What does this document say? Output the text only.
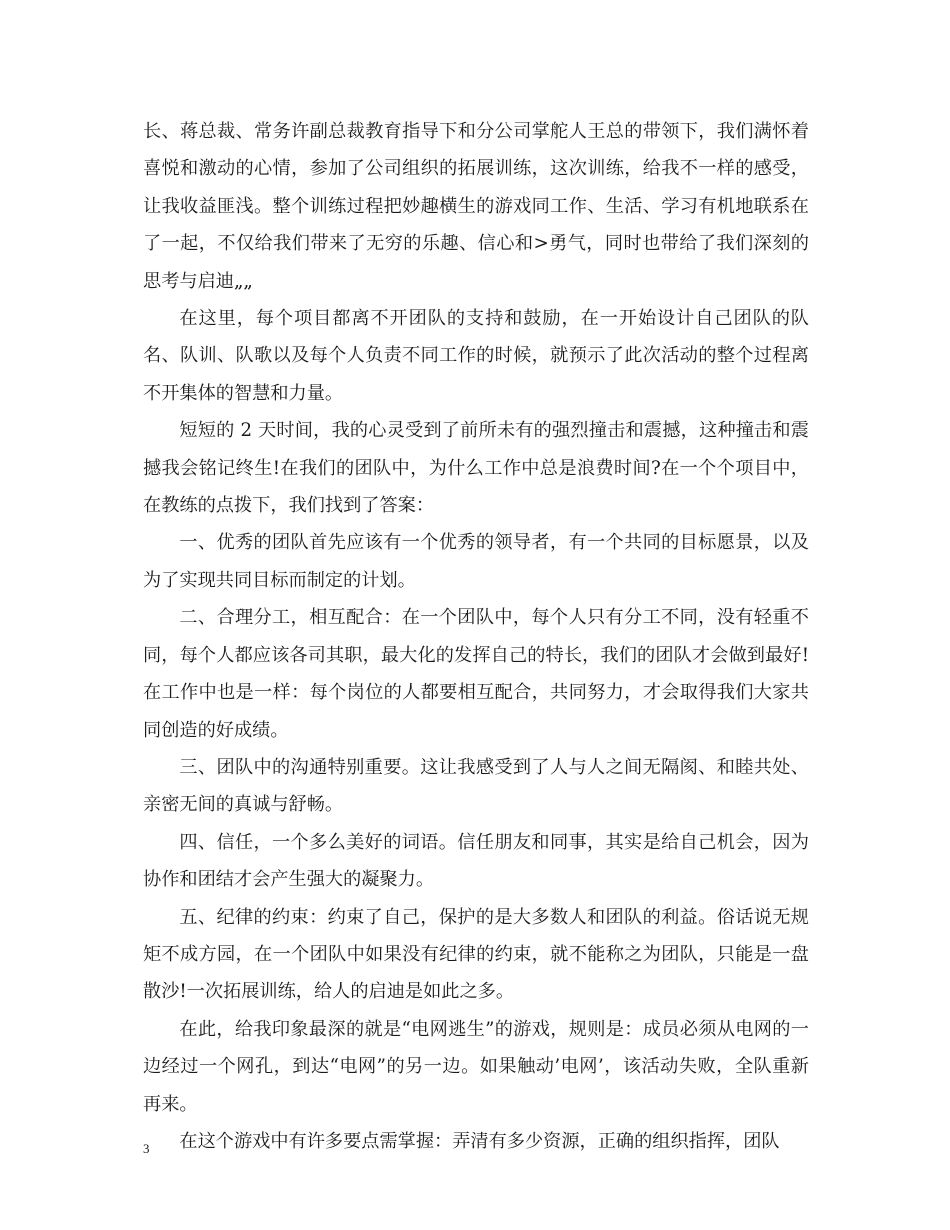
长、蒋总裁、常务许副总裁教育指导下和分公司掌舵人王总的带领下，我们满怀着喜悦和激动的心情，参加了公司组织的拓展训练，这次训练，给我不一样的感受，让我收益匪浅。整个训练过程把妙趣横生的游戏同工作、生活、学习有机地联系在了一起，不仅给我们带来了无穷的乐趣、信心和>勇气，同时也带给了我们深刻的思考与启迪„„

在这里，每个项目都离不开团队的支持和鼓励，在一开始设计自己团队的队名、队训、队歌以及每个人负责不同工作的时候，就预示了此次活动的整个过程离不开集体的智慧和力量。

短短的 2 天时间，我的心灵受到了前所未有的强烈撞击和震撼，这种撞击和震撼我会铭记终生!在我们的团队中，为什么工作中总是浪费时间?在一个个项目中，在教练的点拨下，我们找到了答案：

一、优秀的团队首先应该有一个优秀的领导者，有一个共同的目标愿景，以及为了实现共同目标而制定的计划。

二、合理分工，相互配合：在一个团队中，每个人只有分工不同，没有轻重不同，每个人都应该各司其职，最大化的发挥自己的特长，我们的团队才会做到最好!在工作中也是一样：每个岗位的人都要相互配合，共同努力，才会取得我们大家共同创造的好成绩。

三、团队中的沟通特别重要。这让我感受到了人与人之间无隔阂、和睦共处、亲密无间的真诚与舒畅。

四、信任，一个多么美好的词语。信任朋友和同事，其实是给自己机会，因为协作和团结才会产生强大的凝聚力。

五、纪律的约束：约束了自己，保护的是大多数人和团队的利益。俗话说无规矩不成方园，在一个团队中如果没有纪律的约束，就不能称之为团队，只能是一盘散沙!一次拓展训练，给人的启迪是如此之多。

在此，给我印象最深的就是“电网逃生”的游戏，规则是：成员必须从电网的一边经过一个网孔，到达“电网”的另一边。如果触动’电网’，该活动失败，全队重新再来。

在这个游戏中有许多要点需掌握：弄清有多少资源，正确的组织指挥，团队

3
